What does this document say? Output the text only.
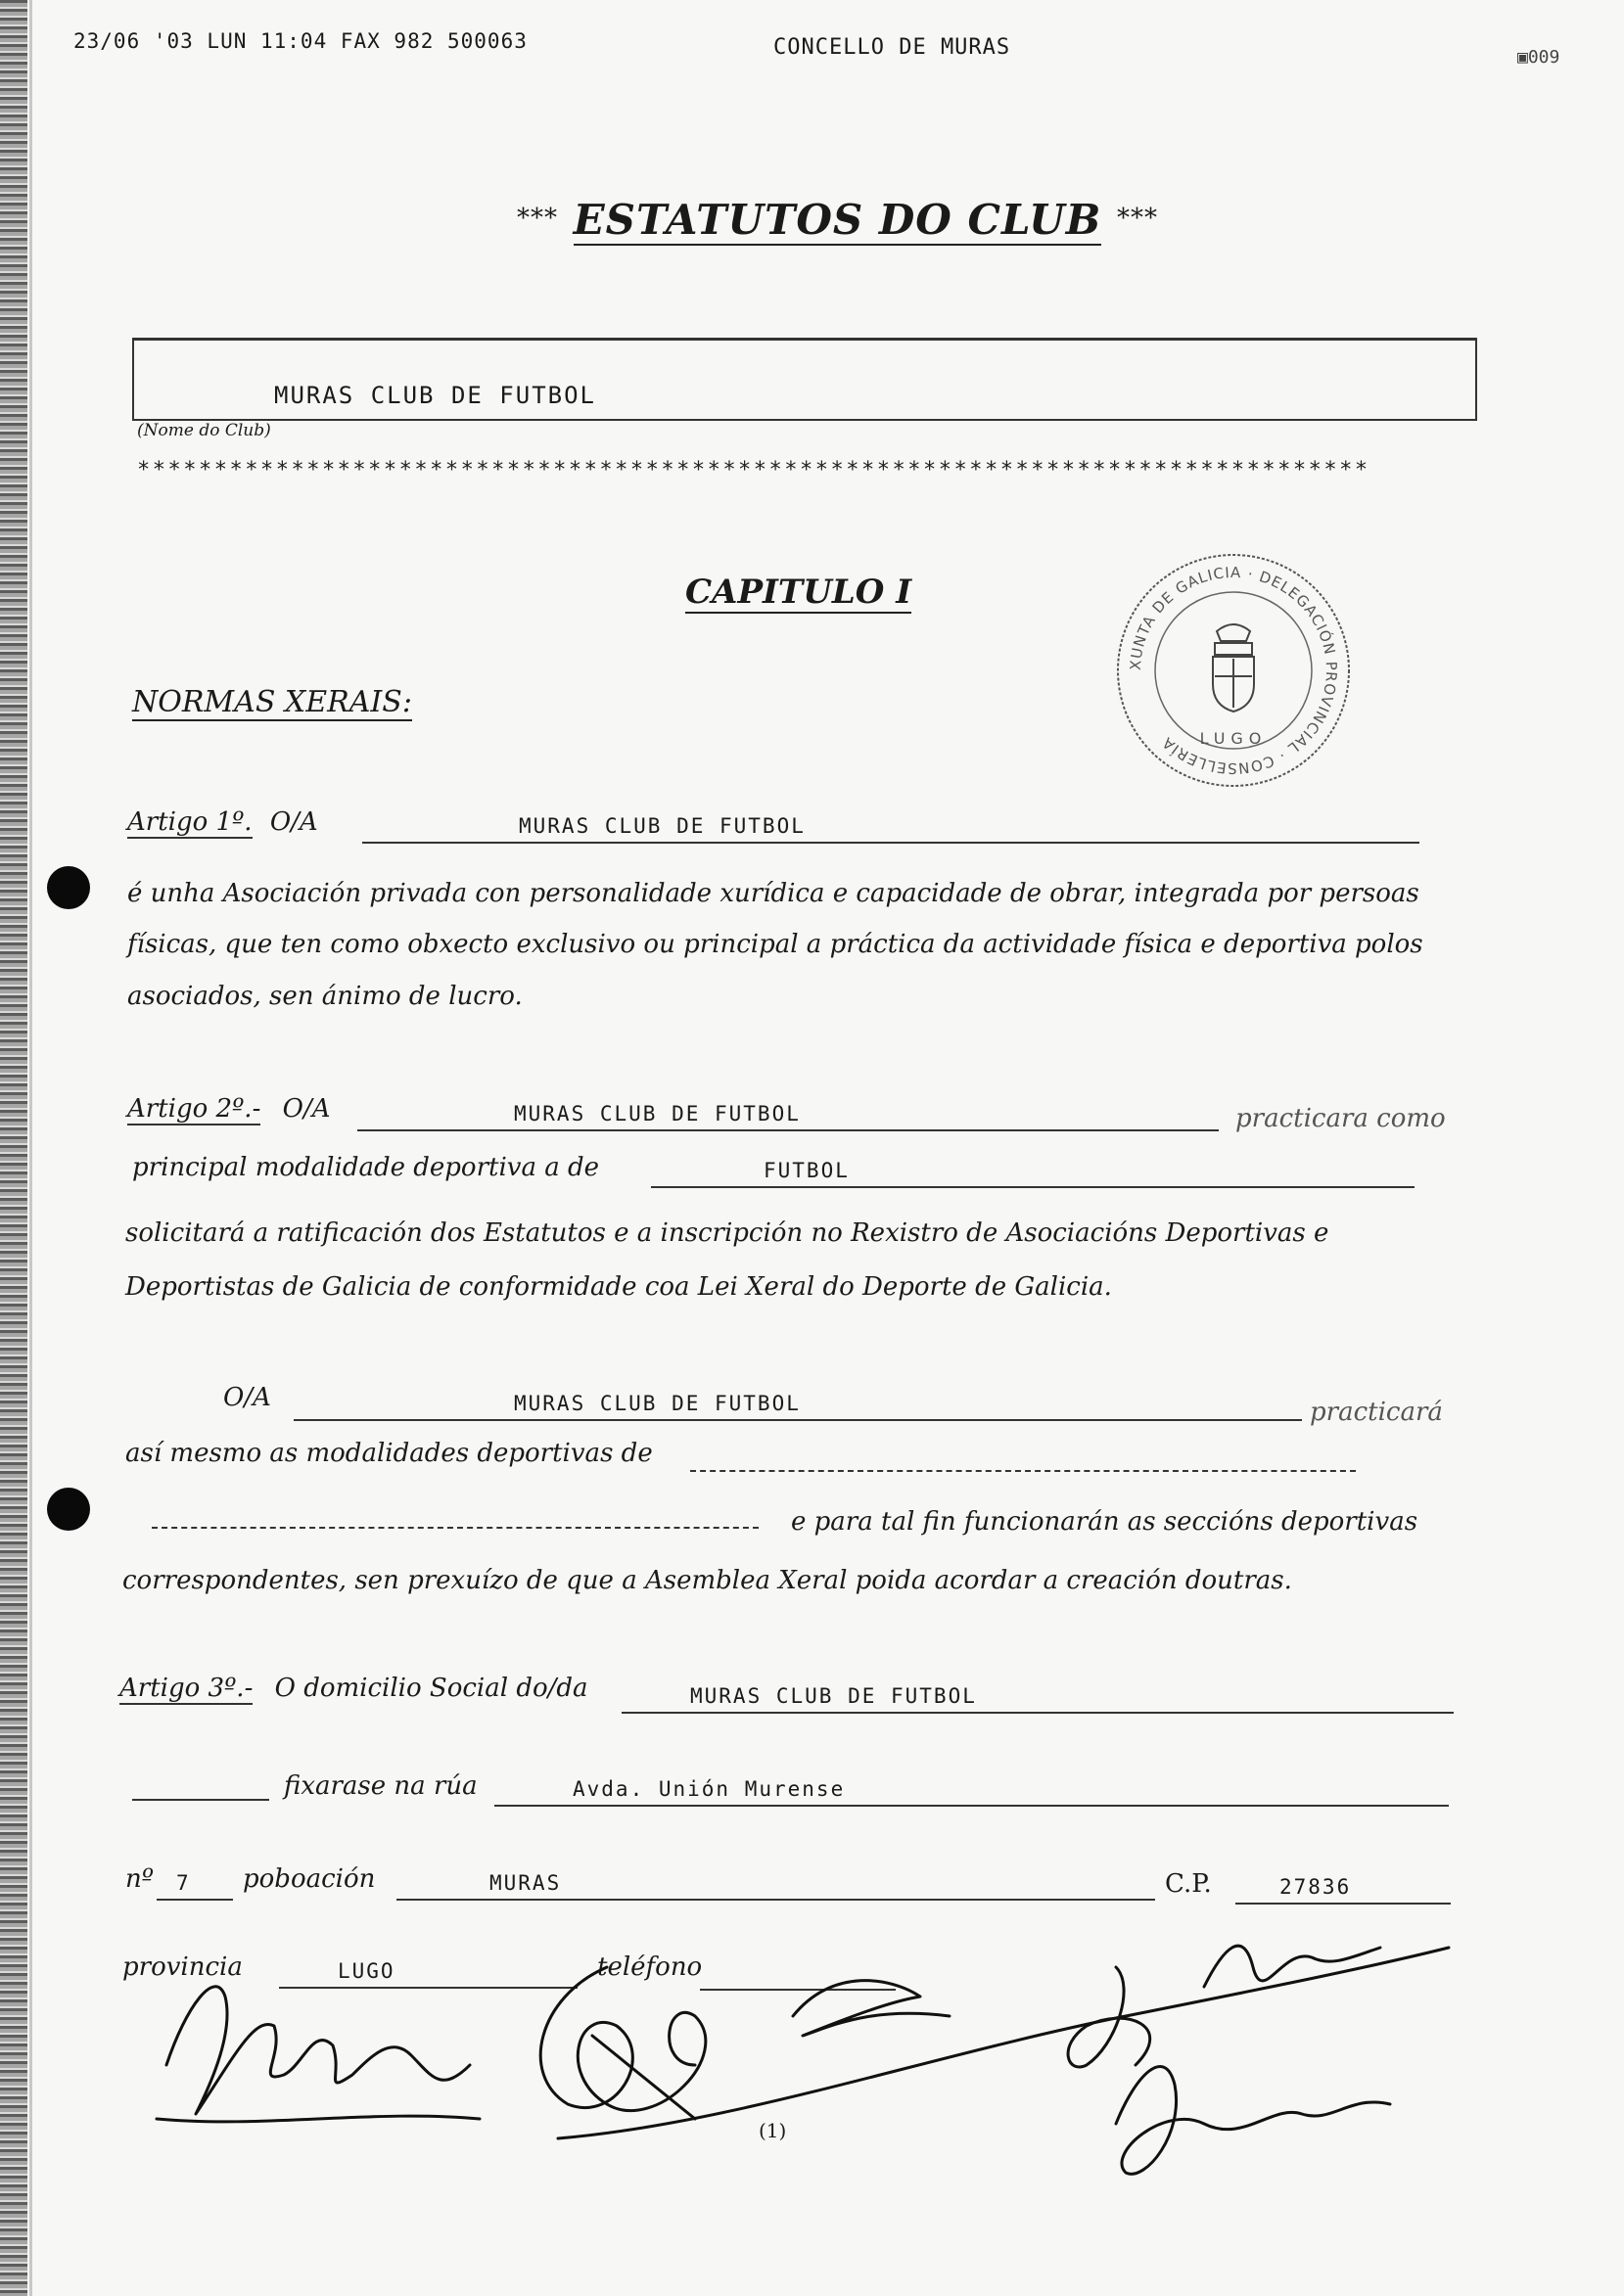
23/06 '03 LUN 11:04 FAX 982 500063	CONCELLO DE MURAS	▣009
*** ESTATUTOS DO CLUB ***
MURAS CLUB DE FUTBOL
(Nome do Club)
********************************************************************************
CAPITULO I
NORMAS XERAIS:
XUNTA DE GALICIA · DELEGACIÓN PROVINCIAL · CONSELLERÍA	LUGO
Artigo 1º. O/A	MURAS CLUB DE FUTBOL
é unha Asociación privada con personalidade xurídica e capacidade de obrar, integrada por persoas
físicas, que ten como obxecto exclusivo ou principal a práctica da actividade física e deportiva polos
asociados, sen ánimo de lucro.
Artigo 2º.- O/A	MURAS CLUB DE FUTBOL	practicara como
principal modalidade deportiva a de	FUTBOL
solicitará a ratificación dos Estatutos e a inscripción no Rexistro de Asociacións Deportivas e
Deportistas de Galicia de conformidade coa Lei Xeral do Deporte de Galicia.
O/A	MURAS CLUB DE FUTBOL	practicará
así mesmo as modalidades deportivas de
e para tal fin funcionarán as seccións deportivas
correspondentes, sen prexuízo de que a Asemblea Xeral poida acordar a creación doutras.
Artigo 3º.- O domicilio Social do/da	MURAS CLUB DE FUTBOL
fixarase na rúa	Avda. Unión Murense
nº 7 poboación	MURAS	C.P.	27836
provincia	LUGO	teléfono
(1)
